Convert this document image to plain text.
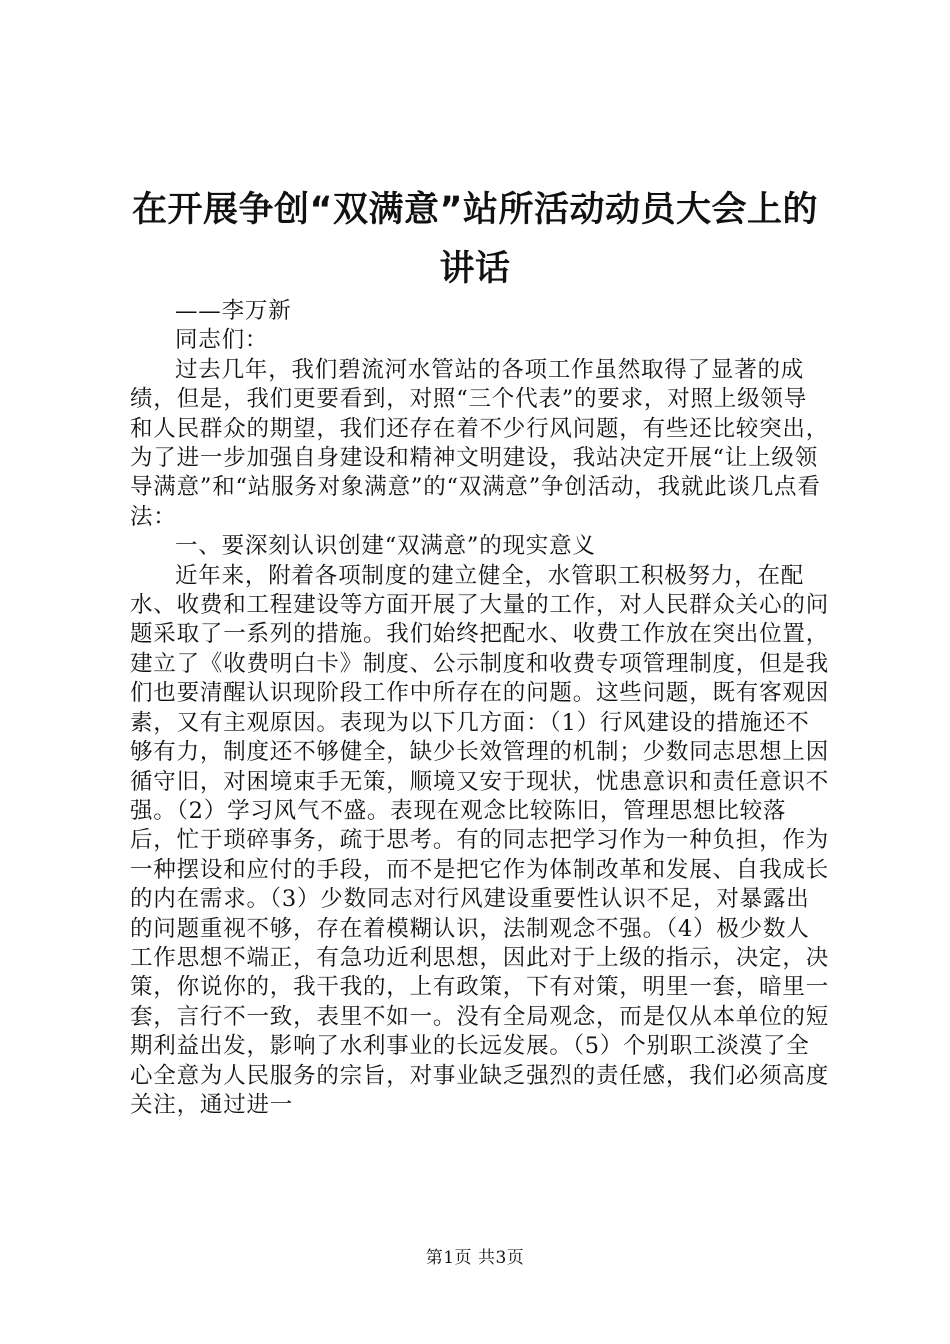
在开展争创“双满意”站所活动动员大会上的
讲话

——李万新

同志们：

过去几年，我们碧流河水管站的各项工作虽然取得了显著的成绩，但是，我们更要看到，对照“三个代表”的要求，对照上级领导和人民群众的期望，我们还存在着不少行风问题，有些还比较突出，为了进一步加强自身建设和精神文明建设，我站决定开展“让上级领导满意”和“站服务对象满意”的“双满意”争创活动，我就此谈几点看法：

一、要深刻认识创建“双满意”的现实意义

近年来，附着各项制度的建立健全，水管职工积极努力，在配水、收费和工程建设等方面开展了大量的工作，对人民群众关心的问题采取了一系列的措施。我们始终把配水、收费工作放在突出位置，建立了《收费明白卡》制度、公示制度和收费专项管理制度，但是我们也要清醒认识现阶段工作中所存在的问题。这些问题，既有客观因素，又有主观原因。表现为以下几方面：（1）行风建设的措施还不够有力，制度还不够健全，缺少长效管理的机制；少数同志思想上因循守旧，对困境束手无策，顺境又安于现状，忧患意识和责任意识不强。（2）学习风气不盛。表现在观念比较陈旧，管理思想比较落后，忙于琐碎事务，疏于思考。有的同志把学习作为一种负担，作为一种摆设和应付的手段，而不是把它作为体制改革和发展、自我成长的内在需求。（3）少数同志对行风建设重要性认识不足，对暴露出的问题重视不够，存在着模糊认识，法制观念不强。（4）极少数人工作思想不端正，有急功近利思想，因此对于上级的指示，决定，决策，你说你的，我干我的，上有政策，下有对策，明里一套，暗里一套，言行不一致，表里不如一。没有全局观念，而是仅从本单位的短期利益出发，影响了水利事业的长远发展。（5）个别职工淡漠了全心全意为人民服务的宗旨，对事业缺乏强烈的责任感，我们必须高度关注，通过进一

第1页 共3页
